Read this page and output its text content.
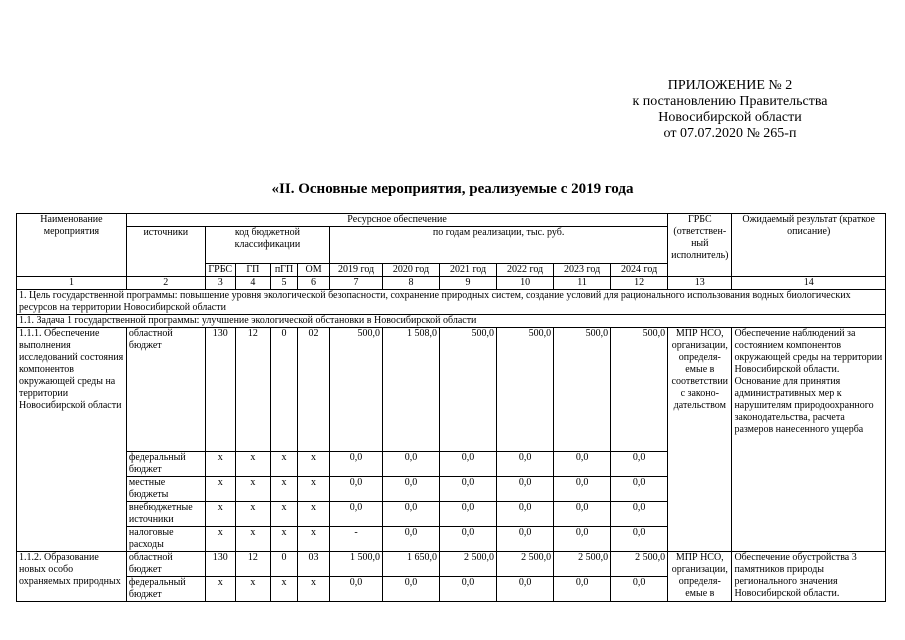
ПРИЛОЖЕНИЕ № 2
к постановлению Правительства
Новосибирской области
от 07.07.2020 № 265-п
«II. Основные мероприятия, реализуемые с 2019 года
Наименование мероприятия	Ресурсное обеспечение											ГРБС (ответствен-ный исполнитель)	Ожидаемый результат (краткое описание)
	источники	код бюджетной классификации				по годам реализации, тыс. руб.							
		ГРБС	ГП	пГП	ОМ	2019 год	2020 год	2021 год	2022 год	2023 год	2024 год		
1	2	3	4	5	6	7	8	9	10	11	12	13	14
1. Цель государственной программы: повышение уровня экологической безопасности, сохранение природных систем, создание условий для рационального использования водных биологических ресурсов на территории Новосибирской области													
1.1. Задача 1 государственной программы: улучшение экологической обстановки в Новосибирской области													
1.1.1. Обеспечение выполнения исследований состояния компонентов окружающей среды на территории Новосибирской области	областной бюджет	130	12	0	02	500,0	1 508,0	500,0	500,0	500,0	500,0	МПР НСО, организации, определя-емые в соответствии с законо-дательством	Обеспечение наблюдений за состоянием компонентов окружающей среды на территории Новосибирской области. Основание для принятия административных мер к нарушителям природоохранного законодательства, расчета размеров нанесенного ущерба
	федеральный бюджет	x	x	x	x	0,0	0,0	0,0	0,0	0,0	0,0		
	местные бюджеты	x	x	x	x	0,0	0,0	0,0	0,0	0,0	0,0		
	внебюджетные источники	x	x	x	x	0,0	0,0	0,0	0,0	0,0	0,0		
	налоговые расходы	x	x	x	x	-	0,0	0,0	0,0	0,0	0,0		
1.1.2. Образование новых особо охраняемых природных	областной бюджет	130	12	0	03	1 500,0	1 650,0	2 500,0	2 500,0	2 500,0	2 500,0	МПР НСО, организации, определя-емые в	Обеспечение обустройства 3 памятников природы регионального значения Новосибирской области.
	федеральный бюджет	x	x	x	x	0,0	0,0	0,0	0,0	0,0	0,0		
